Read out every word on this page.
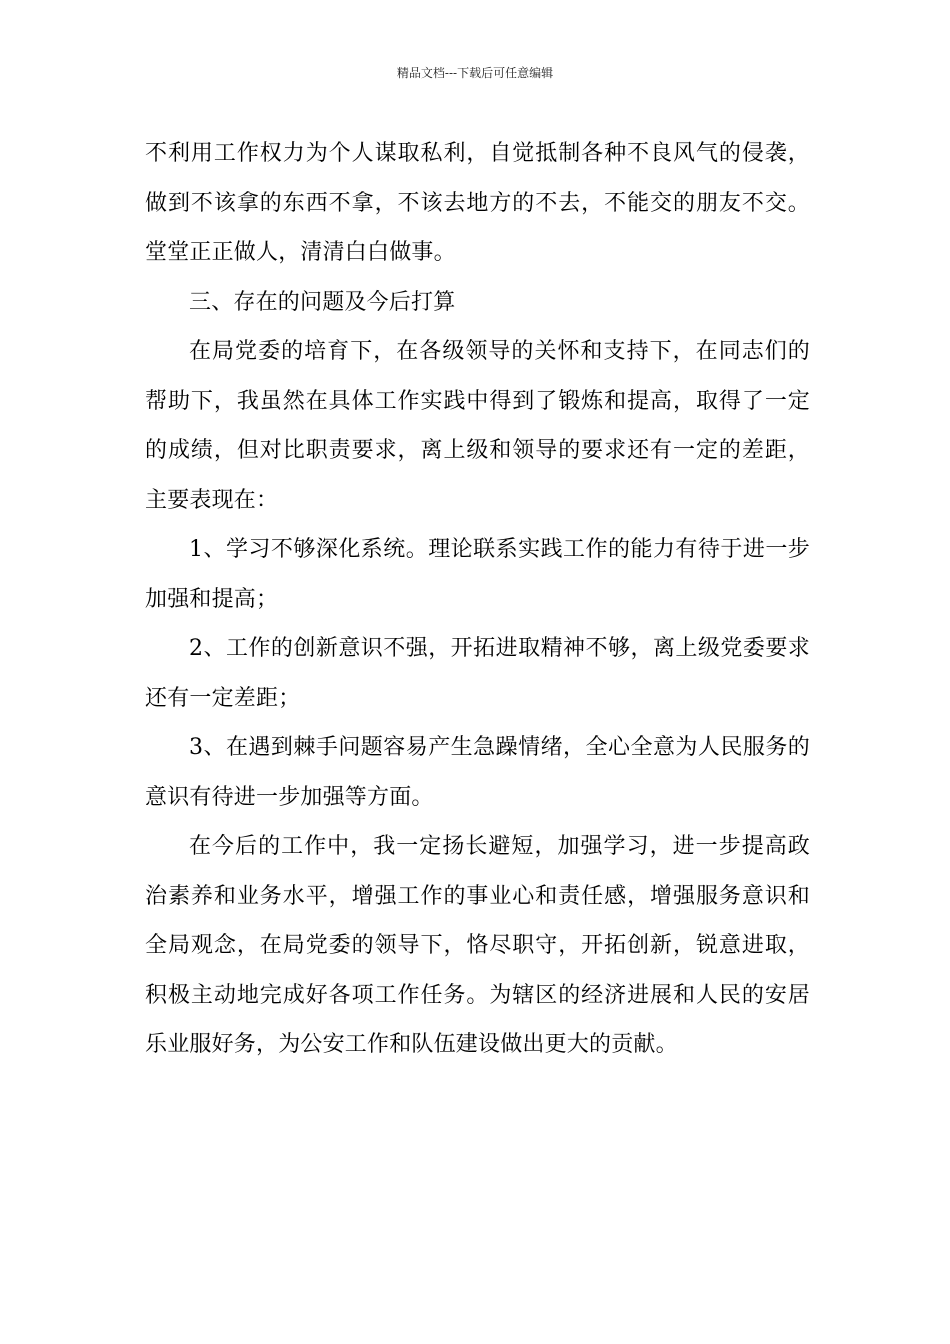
精品文档---下载后可任意编辑

不利用工作权力为个人谋取私利，自觉抵制各种不良风气的侵袭，做到不该拿的东西不拿，不该去地方的不去，不能交的朋友不交。堂堂正正做人，清清白白做事。

三、存在的问题及今后打算

在局党委的培育下，在各级领导的关怀和支持下，在同志们的帮助下，我虽然在具体工作实践中得到了锻炼和提高，取得了一定的成绩，但对比职责要求，离上级和领导的要求还有一定的差距，主要表现在：

1、学习不够深化系统。理论联系实践工作的能力有待于进一步加强和提高；

2、工作的创新意识不强，开拓进取精神不够，离上级党委要求还有一定差距；

3、在遇到棘手问题容易产生急躁情绪，全心全意为人民服务的意识有待进一步加强等方面。

在今后的工作中，我一定扬长避短，加强学习，进一步提高政治素养和业务水平，增强工作的事业心和责任感，增强服务意识和全局观念，在局党委的领导下，恪尽职守，开拓创新，锐意进取，积极主动地完成好各项工作任务。为辖区的经济进展和人民的安居乐业服好务，为公安工作和队伍建设做出更大的贡献。
